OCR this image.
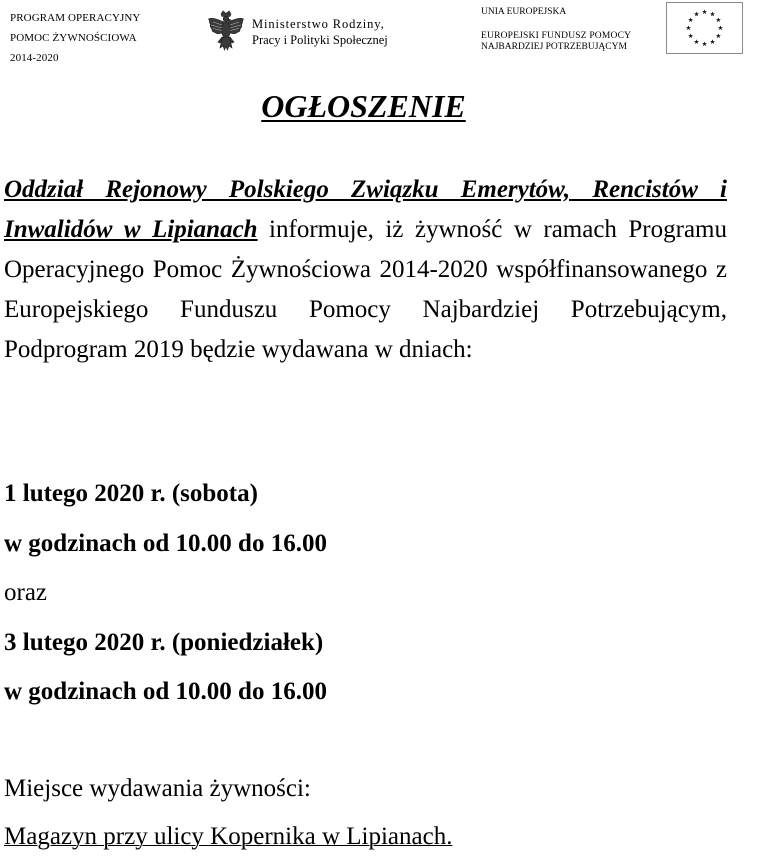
PROGRAM OPERACYJNY
POMOC ŻYWNOŚCIOWA
2014-2020
Ministerstwo Rodziny,
Pracy i Polityki Społecznej
UNIA EUROPEJSKA
EUROPEJSKI FUNDUSZ POMOCY
NAJBARDZIEJ POTRZEBUJĄCYM
OGŁOSZENIE
Oddział Rejonowy Polskiego Związku Emerytów, Rencistów i Inwalidów w Lipianach informuje, iż żywność w ramach Programu Operacyjnego Pomoc Żywnościowa 2014-2020 współfinansowanego z Europejskiego Funduszu Pomocy Najbardziej Potrzebującym, Podprogram 2019 będzie wydawana w dniach:
1 lutego 2020 r. (sobota)
w godzinach od 10.00 do 16.00
oraz
3 lutego 2020 r. (poniedziałek)
w godzinach od 10.00 do 16.00
Miejsce wydawania żywności:
Magazyn przy ulicy Kopernika w Lipianach.
